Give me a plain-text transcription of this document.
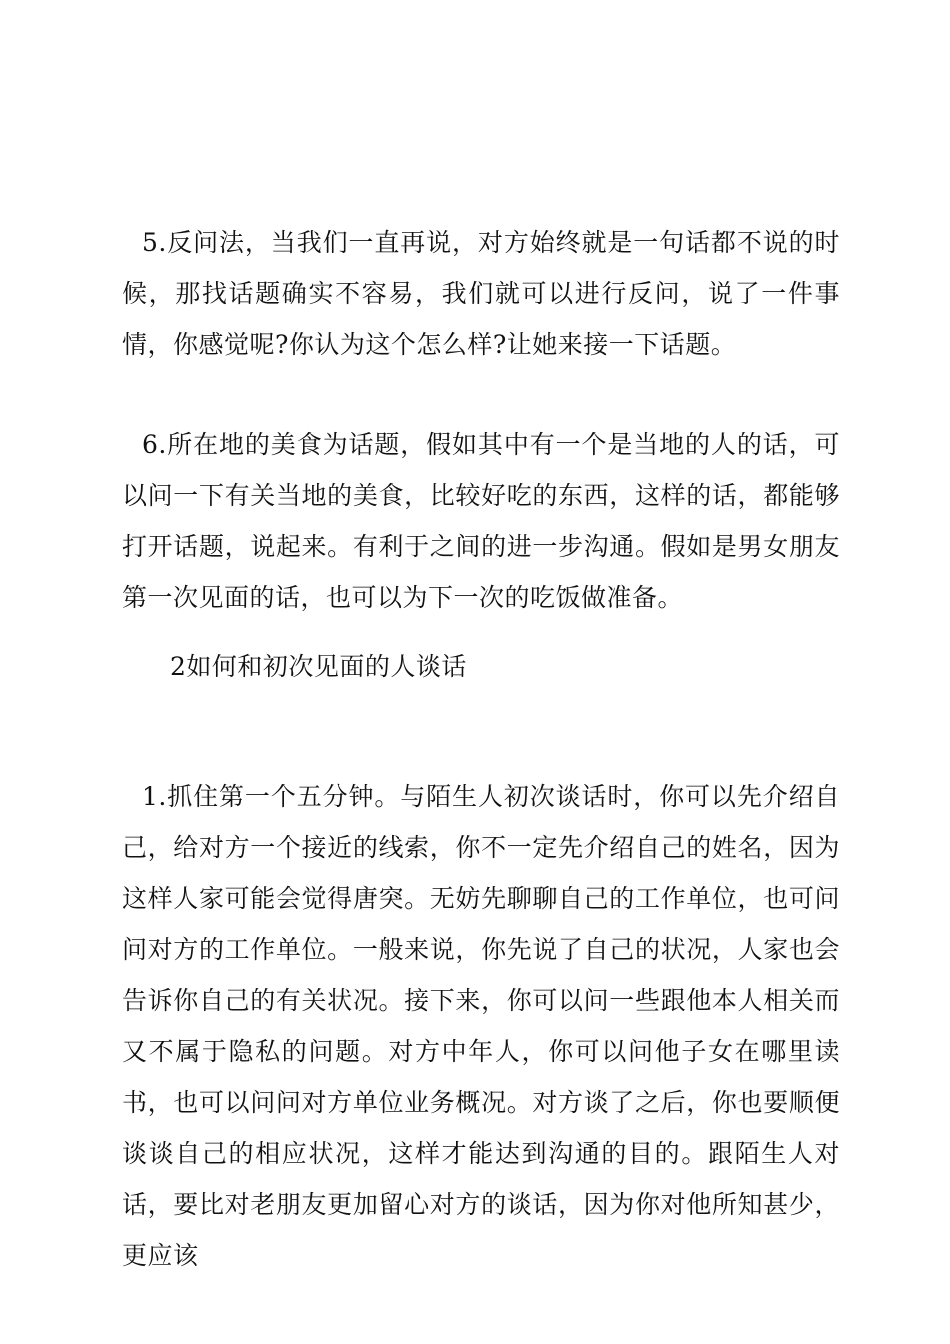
5.反问法，当我们一直再说，对方始终就是一句话都不说的时候，那找话题确实不容易，我们就可以进行反问，说了一件事情，你感觉呢?你认为这个怎么样?让她来接一下话题。

6.所在地的美食为话题，假如其中有一个是当地的人的话，可以问一下有关当地的美食，比较好吃的东西，这样的话，都能够打开话题，说起来。有利于之间的进一步沟通。假如是男女朋友第一次见面的话，也可以为下一次的吃饭做准备。

2如何和初次见面的人谈话

1.抓住第一个五分钟。与陌生人初次谈话时，你可以先介绍自己，给对方一个接近的线索，你不一定先介绍自己的姓名，因为这样人家可能会觉得唐突。无妨先聊聊自己的工作单位，也可问问对方的工作单位。一般来说，你先说了自己的状况，人家也会告诉你自己的有关状况。接下来，你可以问一些跟他本人相关而又不属于隐私的问题。对方中年人，你可以问他子女在哪里读书，也可以问问对方单位业务概况。对方谈了之后，你也要顺便谈谈自己的相应状况，这样才能达到沟通的目的。跟陌生人对话，要比对老朋友更加留心对方的谈话，因为你对他所知甚少，更应该
